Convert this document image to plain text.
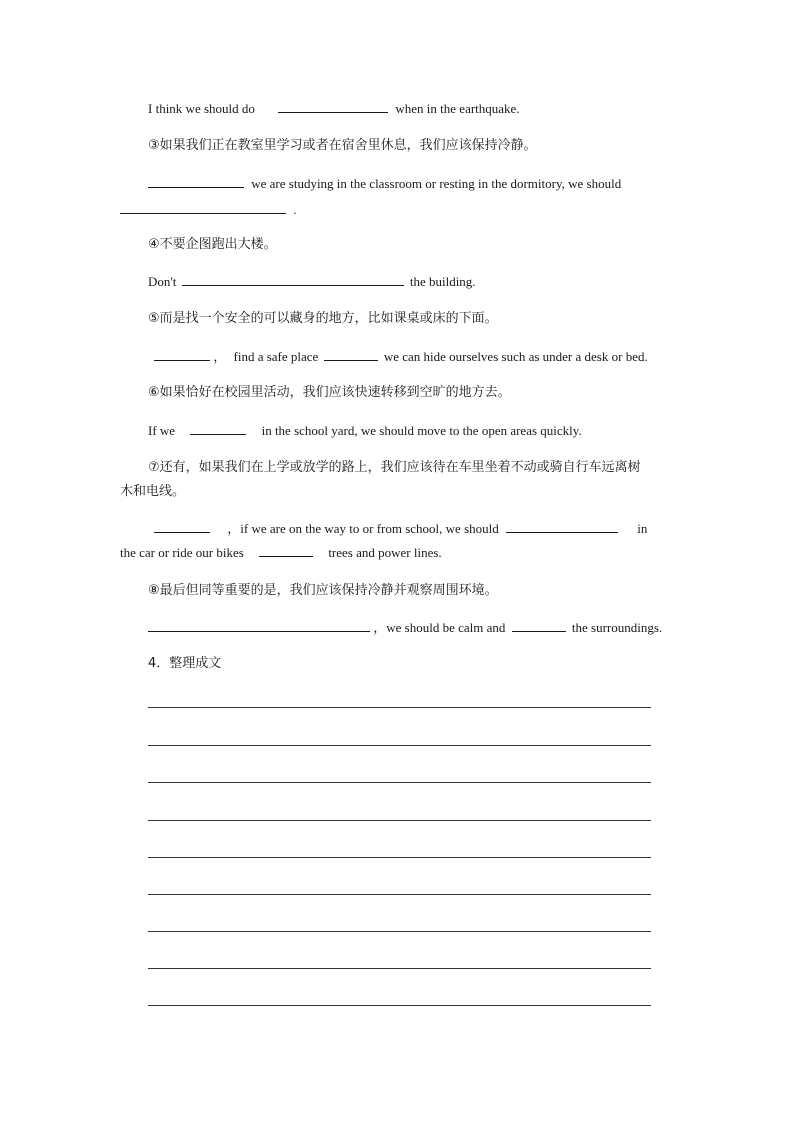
I think we should do	when in the earthquake.
③如果我们正在教室里学习或者在宿舍里休息，我们应该保持冷静。
we are studying in the classroom or resting in the dormitory, we should
.
④不要企图跑出大楼。
Don't	the building.
⑤而是找一个安全的可以藏身的地方，比如课桌或床的下面。
， find a safe place	we can hide ourselves such as under a desk or bed.
⑥如果恰好在校园里活动，我们应该快速转移到空旷的地方去。
If we	in the school yard, we should move to the open areas quickly.
⑦还有，如果我们在上学或放学的路上，我们应该待在车里坐着不动或骑自行车远离树
木和电线。
，if we are on the way to or from school, we should	in
the car or ride our bikes	trees and power lines.
⑧最后但同等重要的是，我们应该保持冷静并观察周围环境。
，we should be calm and	the surroundings.
4．整理成文
